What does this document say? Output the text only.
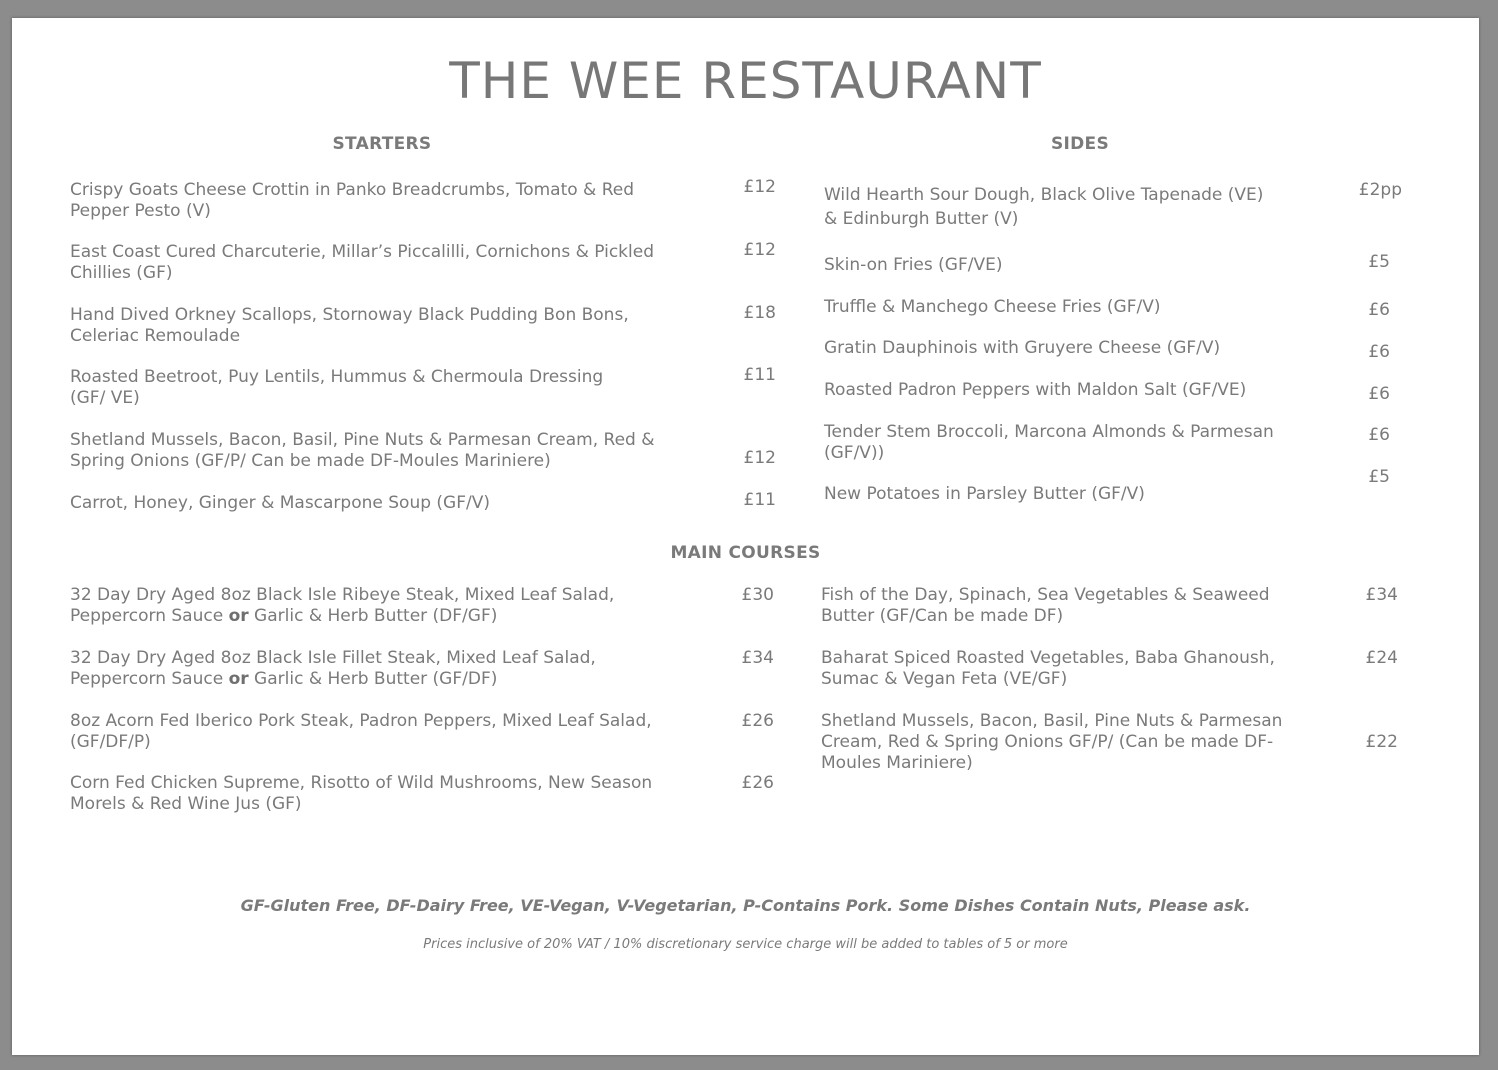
THE WEE RESTAURANT
STARTERS
Crispy Goats Cheese Crottin in Panko Breadcrumbs, Tomato & Red
Pepper Pesto (V)
£12
East Coast Cured Charcuterie, Millar’s Piccalilli, Cornichons & Pickled
Chillies (GF)
£12
Hand Dived Orkney Scallops, Stornoway Black Pudding Bon Bons,
Celeriac Remoulade
£18
Roasted Beetroot, Puy Lentils, Hummus & Chermoula Dressing
(GF/ VE)
£11
Shetland Mussels, Bacon, Basil, Pine Nuts & Parmesan Cream, Red &
Spring Onions (GF/P/ Can be made DF-Moules Mariniere)	£12
Carrot, Honey, Ginger & Mascarpone Soup (GF/V)	£11
SIDES
Wild Hearth Sour Dough, Black Olive Tapenade (VE)
& Edinburgh Butter (V)
£2pp
Skin-on Fries (GF/VE)	£5
Truffle & Manchego Cheese Fries (GF/V)	£6
Gratin Dauphinois with Gruyere Cheese (GF/V)	£6
Roasted Padron Peppers with Maldon Salt (GF/VE)	£6
Tender Stem Broccoli, Marcona Almonds & Parmesan
(GF/V))
£6
New Potatoes in Parsley Butter (GF/V)
£5
MAIN COURSES
32 Day Dry Aged 8oz Black Isle Ribeye Steak, Mixed Leaf Salad,
Peppercorn Sauce or Garlic & Herb Butter (DF/GF)
£30
32 Day Dry Aged 8oz Black Isle Fillet Steak, Mixed Leaf Salad,
Peppercorn Sauce or Garlic & Herb Butter (GF/DF)
£34
8oz Acorn Fed Iberico Pork Steak, Padron Peppers, Mixed Leaf Salad,
(GF/DF/P)
£26
Corn Fed Chicken Supreme, Risotto of Wild Mushrooms, New Season
Morels & Red Wine Jus (GF)
£26
Fish of the Day, Spinach, Sea Vegetables & Seaweed
Butter (GF/Can be made DF)
£34
Baharat Spiced Roasted Vegetables, Baba Ghanoush,
Sumac & Vegan Feta (VE/GF)
£24
Shetland Mussels, Bacon, Basil, Pine Nuts & Parmesan
Cream, Red & Spring Onions GF/P/ (Can be made DF-
Moules Mariniere)
£22

GF-Gluten Free, DF-Dairy Free, VE-Vegan, V-Vegetarian, P-Contains Pork. Some Dishes Contain Nuts, Please ask.

Prices inclusive of 20% VAT / 10% discretionary service charge will be added to tables of 5 or more
